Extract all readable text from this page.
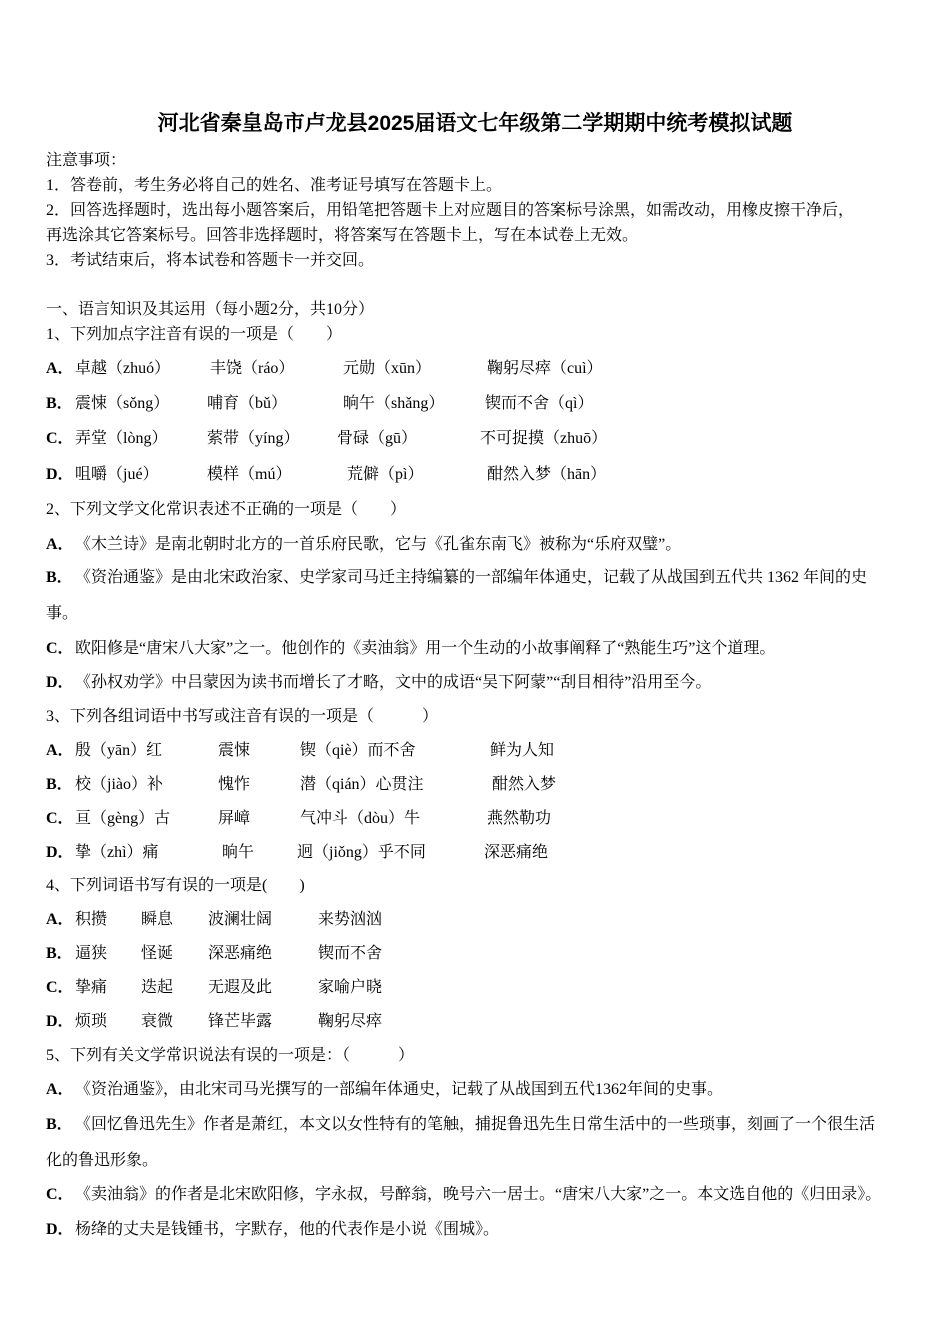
河北省秦皇岛市卢龙县2025届语文七年级第二学期期中统考模拟试题
注意事项：
1．答卷前，考生务必将自己的姓名、准考证号填写在答题卡上。
2．回答选择题时，选出每小题答案后，用铅笔把答题卡上对应题目的答案标号涂黑，如需改动，用橡皮擦干净后，
再选涂其它答案标号。回答非选择题时，将答案写在答题卡上，写在本试卷上无效。
3．考试结束后，将本试卷和答题卡一并交回。
一、语言知识及其运用（每小题2分，共10分）
1、下列加点字注音有误的一项是（　　）
A． 卓越（zhuó） 丰饶（ráo）	元勋（xūn）	鞠躬尽瘁（cuì）
B． 震悚（sǒng） 哺育（bǔ）	晌午（shǎng）	锲而不舍（qì）
C． 弄堂（lòng） 萦带（yíng） 骨碌（gū）	不可捉摸（zhuō）
D． 咀嚼（jué）	模样（mú）	荒僻（pì）	酣然入梦（hān）
2、下列文学文化常识表述不正确的一项是（　　）
A． 《木兰诗》是南北朝时北方的一首乐府民歌，它与《孔雀东南飞》被称为“乐府双璧”。
B． 《资治通鉴》是由北宋政治家、史学家司马迁主持编纂的一部编年体通史，记载了从战国到五代共 1362 年间的史
事。
C． 欧阳修是“唐宋八大家”之一。他创作的《卖油翁》用一个生动的小故事阐释了“熟能生巧”这个道理。
D． 《孙权劝学》中吕蒙因为读书而增长了才略，文中的成语“吴下阿蒙”“刮目相待”沿用至今。
3、下列各组词语中书写或注音有误的一项是（　　　）
A． 殷（yān）红	震悚	锲（qiè）而不舍	鲜为人知
B． 校（jiào）补	愧怍	潜（qián）心贯注	酣然入梦
C． 亘（gèng）古	屏嶂	气冲斗（dòu）牛	燕然勒功
D． 挚（zhì）痛	晌午	迥（jiǒng）乎不同	深恶痛绝
4、下列词语书写有误的一项是(　　)
A． 积攒 瞬息 波澜壮阔	来势汹汹
B． 逼狭 怪诞 深恶痛绝	锲而不舍
C． 挚痛 迭起 无遐及此	家喻户晓
D． 烦琐 衰微 锋芒毕露	鞠躬尽瘁
5、下列有关文学常识说法有误的一项是：（　　　）
A． 《资治通鉴》，由北宋司马光撰写的一部编年体通史，记载了从战国到五代1362年间的史事。
B． 《回忆鲁迅先生》作者是萧红，本文以女性特有的笔触，捕捉鲁迅先生日常生活中的一些琐事，刻画了一个很生活
化的鲁迅形象。
C． 《卖油翁》的作者是北宋欧阳修，字永叔，号醉翁，晚号六一居士。“唐宋八大家”之一。本文选自他的《归田录》。
D． 杨绛的丈夫是钱锺书，字默存，他的代表作是小说《围城》。
